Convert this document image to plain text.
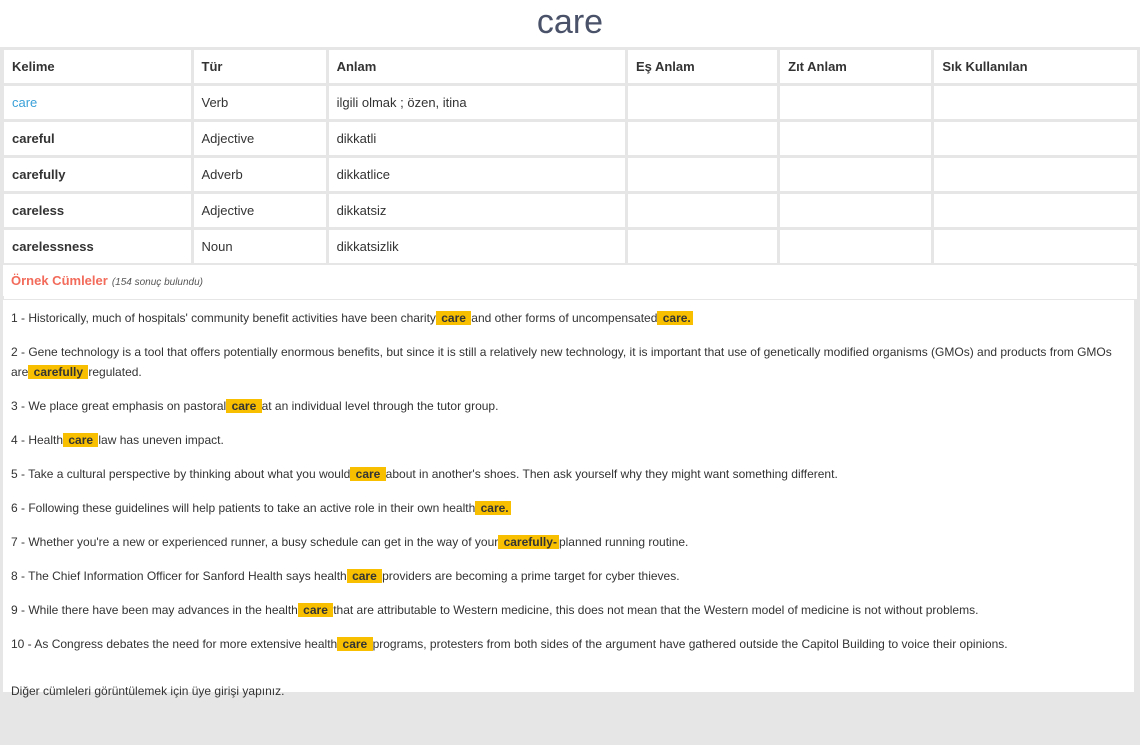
care
Kelime	Tür	Anlam	Eş Anlam	Zıt Anlam	Sık Kullanılan
care	Verb	ilgili olmak ; özen, itina			
careful	Adjective	dikkatli			
carefully	Adverb	dikkatlice			
careless	Adjective	dikkatsiz			
carelessness	Noun	dikkatsizlik			

Örnek Cümleler (154 sonuç bulundu)
1 - Historically, much of hospitals' community benefit activities have been charity care and other forms of uncompensated care.
2 - Gene technology is a tool that offers potentially enormous benefits, but since it is still a relatively new technology, it is important that use of genetically modified organisms (GMOs) and products from GMOs are carefully regulated.
3 - We place great emphasis on pastoral care at an individual level through the tutor group.
4 - Health care law has uneven impact.
5 - Take a cultural perspective by thinking about what you would care about in another's shoes. Then ask yourself why they might want something different.
6 - Following these guidelines will help patients to take an active role in their own health care.
7 - Whether you're a new or experienced runner, a busy schedule can get in the way of your carefully- planned running routine.
8 - The Chief Information Officer for Sanford Health says health care providers are becoming a prime target for cyber thieves.
9 - While there have been may advances in the health care that are attributable to Western medicine, this does not mean that the Western model of medicine is not without problems.
10 - As Congress debates the need for more extensive health care programs, protesters from both sides of the argument have gathered outside the Capitol Building to voice their opinions.
Diğer cümleleri görüntülemek için üye girişi yapınız.
